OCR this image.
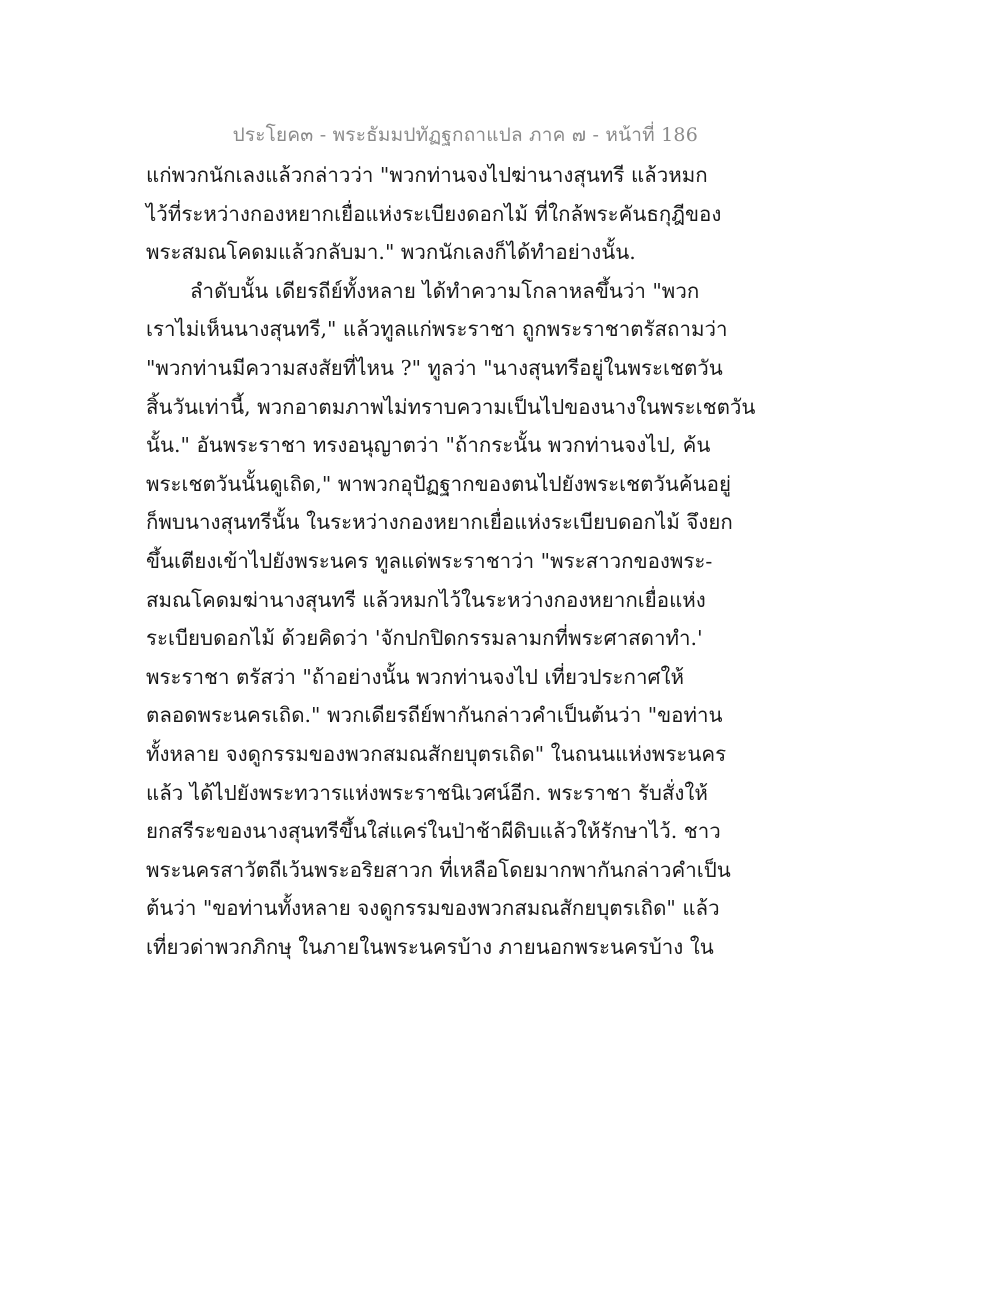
ประโยค๓ - พระธัมมปทัฏฐกถาแปล ภาค ๗ - หน้าที่ 186
แก่พวกนักเลงแล้วกล่าวว่า "พวกท่านจงไปฆ่านางสุนทรี แล้วหมก
ไว้ที่ระหว่างกองหยากเยื่อแห่งระเบียงดอกไม้ ที่ใกล้พระคันธกุฎีของ
พระสมณโคดมแล้วกลับมา." พวกนักเลงก็ได้ทำอย่างนั้น.
ลำดับนั้น เดียรถีย์ทั้งหลาย ได้ทำความโกลาหลขึ้นว่า "พวก
เราไม่เห็นนางสุนทรี," แล้วทูลแก่พระราชา ถูกพระราชาตรัสถามว่า
"พวกท่านมีความสงสัยที่ไหน ?" ทูลว่า "นางสุนทรีอยู่ในพระเชตวัน
สิ้นวันเท่านี้, พวกอาตมภาพไม่ทราบความเป็นไปของนางในพระเชตวัน
นั้น." อันพระราชา ทรงอนุญาตว่า "ถ้ากระนั้น พวกท่านจงไป, ค้น
พระเชตวันนั้นดูเถิด," พาพวกอุปัฏฐากของตนไปยังพระเชตวันค้นอยู่
ก็พบนางสุนทรีนั้น ในระหว่างกองหยากเยื่อแห่งระเบียบดอกไม้ จึงยก
ขึ้นเตียงเข้าไปยังพระนคร ทูลแด่พระราชาว่า "พระสาวกของพระ-
สมณโคดมฆ่านางสุนทรี แล้วหมกไว้ในระหว่างกองหยากเยื่อแห่ง
ระเบียบดอกไม้ ด้วยคิดว่า 'จักปกปิดกรรมลามกที่พระศาสดาทำ.'
พระราชา ตรัสว่า "ถ้าอย่างนั้น พวกท่านจงไป เที่ยวประกาศให้
ตลอดพระนครเถิด." พวกเดียรถีย์พากันกล่าวคำเป็นต้นว่า "ขอท่าน
ทั้งหลาย จงดูกรรมของพวกสมณสักยบุตรเถิด" ในถนนแห่งพระนคร
แล้ว ได้ไปยังพระทวารแห่งพระราชนิเวศน์อีก. พระราชา รับสั่งให้
ยกสรีระของนางสุนทรีขึ้นใส่แคร่ในป่าช้าผีดิบแล้วให้รักษาไว้. ชาว
พระนครสาวัตถีเว้นพระอริยสาวก ที่เหลือโดยมากพากันกล่าวคำเป็น
ต้นว่า "ขอท่านทั้งหลาย จงดูกรรมของพวกสมณสักยบุตรเถิด" แล้ว
เที่ยวด่าพวกภิกษุ ในภายในพระนครบ้าง ภายนอกพระนครบ้าง ใน
